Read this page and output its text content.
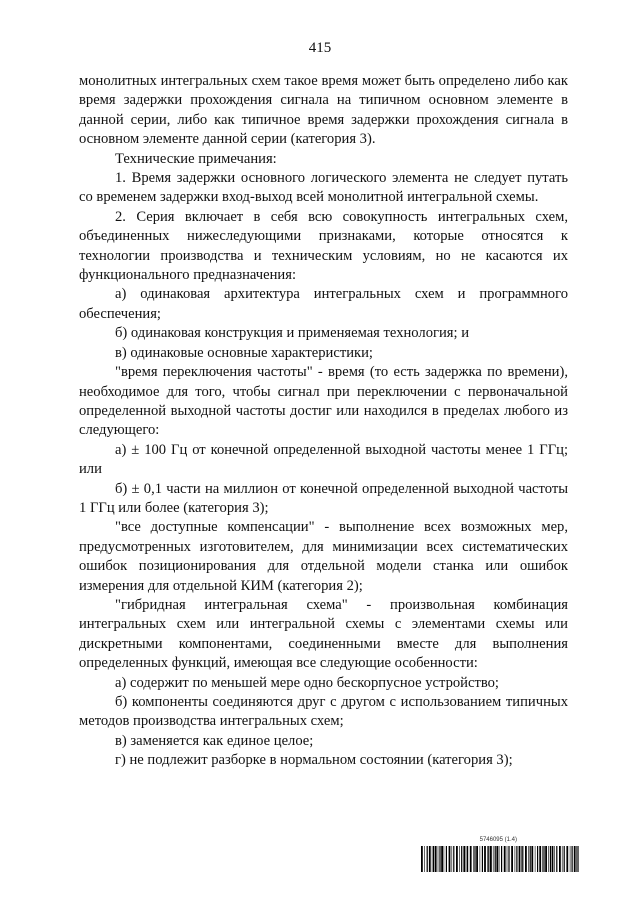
415

монолитных интегральных схем такое время может быть определено либо как время задержки прохождения сигнала на типичном основном элементе в данной серии, либо как типичное время задержки прохождения сигнала в основном элементе данной серии (категория 3).

Технические примечания:

1. Время задержки основного логического элемента не следует путать со временем задержки вход-выход всей монолитной интегральной схемы.

2. Серия включает в себя всю совокупность интегральных схем, объединенных нижеследующими признаками, которые относятся к технологии производства и техническим условиям, но не касаются их функционального предназначения:

а) одинаковая архитектура интегральных схем и программного обеспечения;

б) одинаковая конструкция и применяемая технология; и

в) одинаковые основные характеристики;

"время переключения частоты" - время (то есть задержка по времени), необходимое для того, чтобы сигнал при переключении с первоначальной определенной выходной частоты достиг или находился в пределах любого из следующего:

а) ± 100 Гц от конечной определенной выходной частоты менее 1 ГГц; или

б) ± 0,1 части на миллион от конечной определенной выходной частоты 1 ГГц или более (категория 3);

"все доступные компенсации" - выполнение всех возможных мер, предусмотренных изготовителем, для минимизации всех систематических ошибок позиционирования для отдельной модели станка или ошибок измерения для отдельной КИМ (категория 2);

"гибридная интегральная схема" - произвольная комбинация интегральных схем или интегральной схемы с элементами схемы или дискретными компонентами, соединенными вместе для выполнения определенных функций, имеющая все следующие особенности:

а) содержит по меньшей мере одно бескорпусное устройство;

б) компоненты соединяются друг с другом с использованием типичных методов производства интегральных схем;

в) заменяется как единое целое;

г) не подлежит разборке в нормальном состоянии (категория 3);

5746095 (1.4)
